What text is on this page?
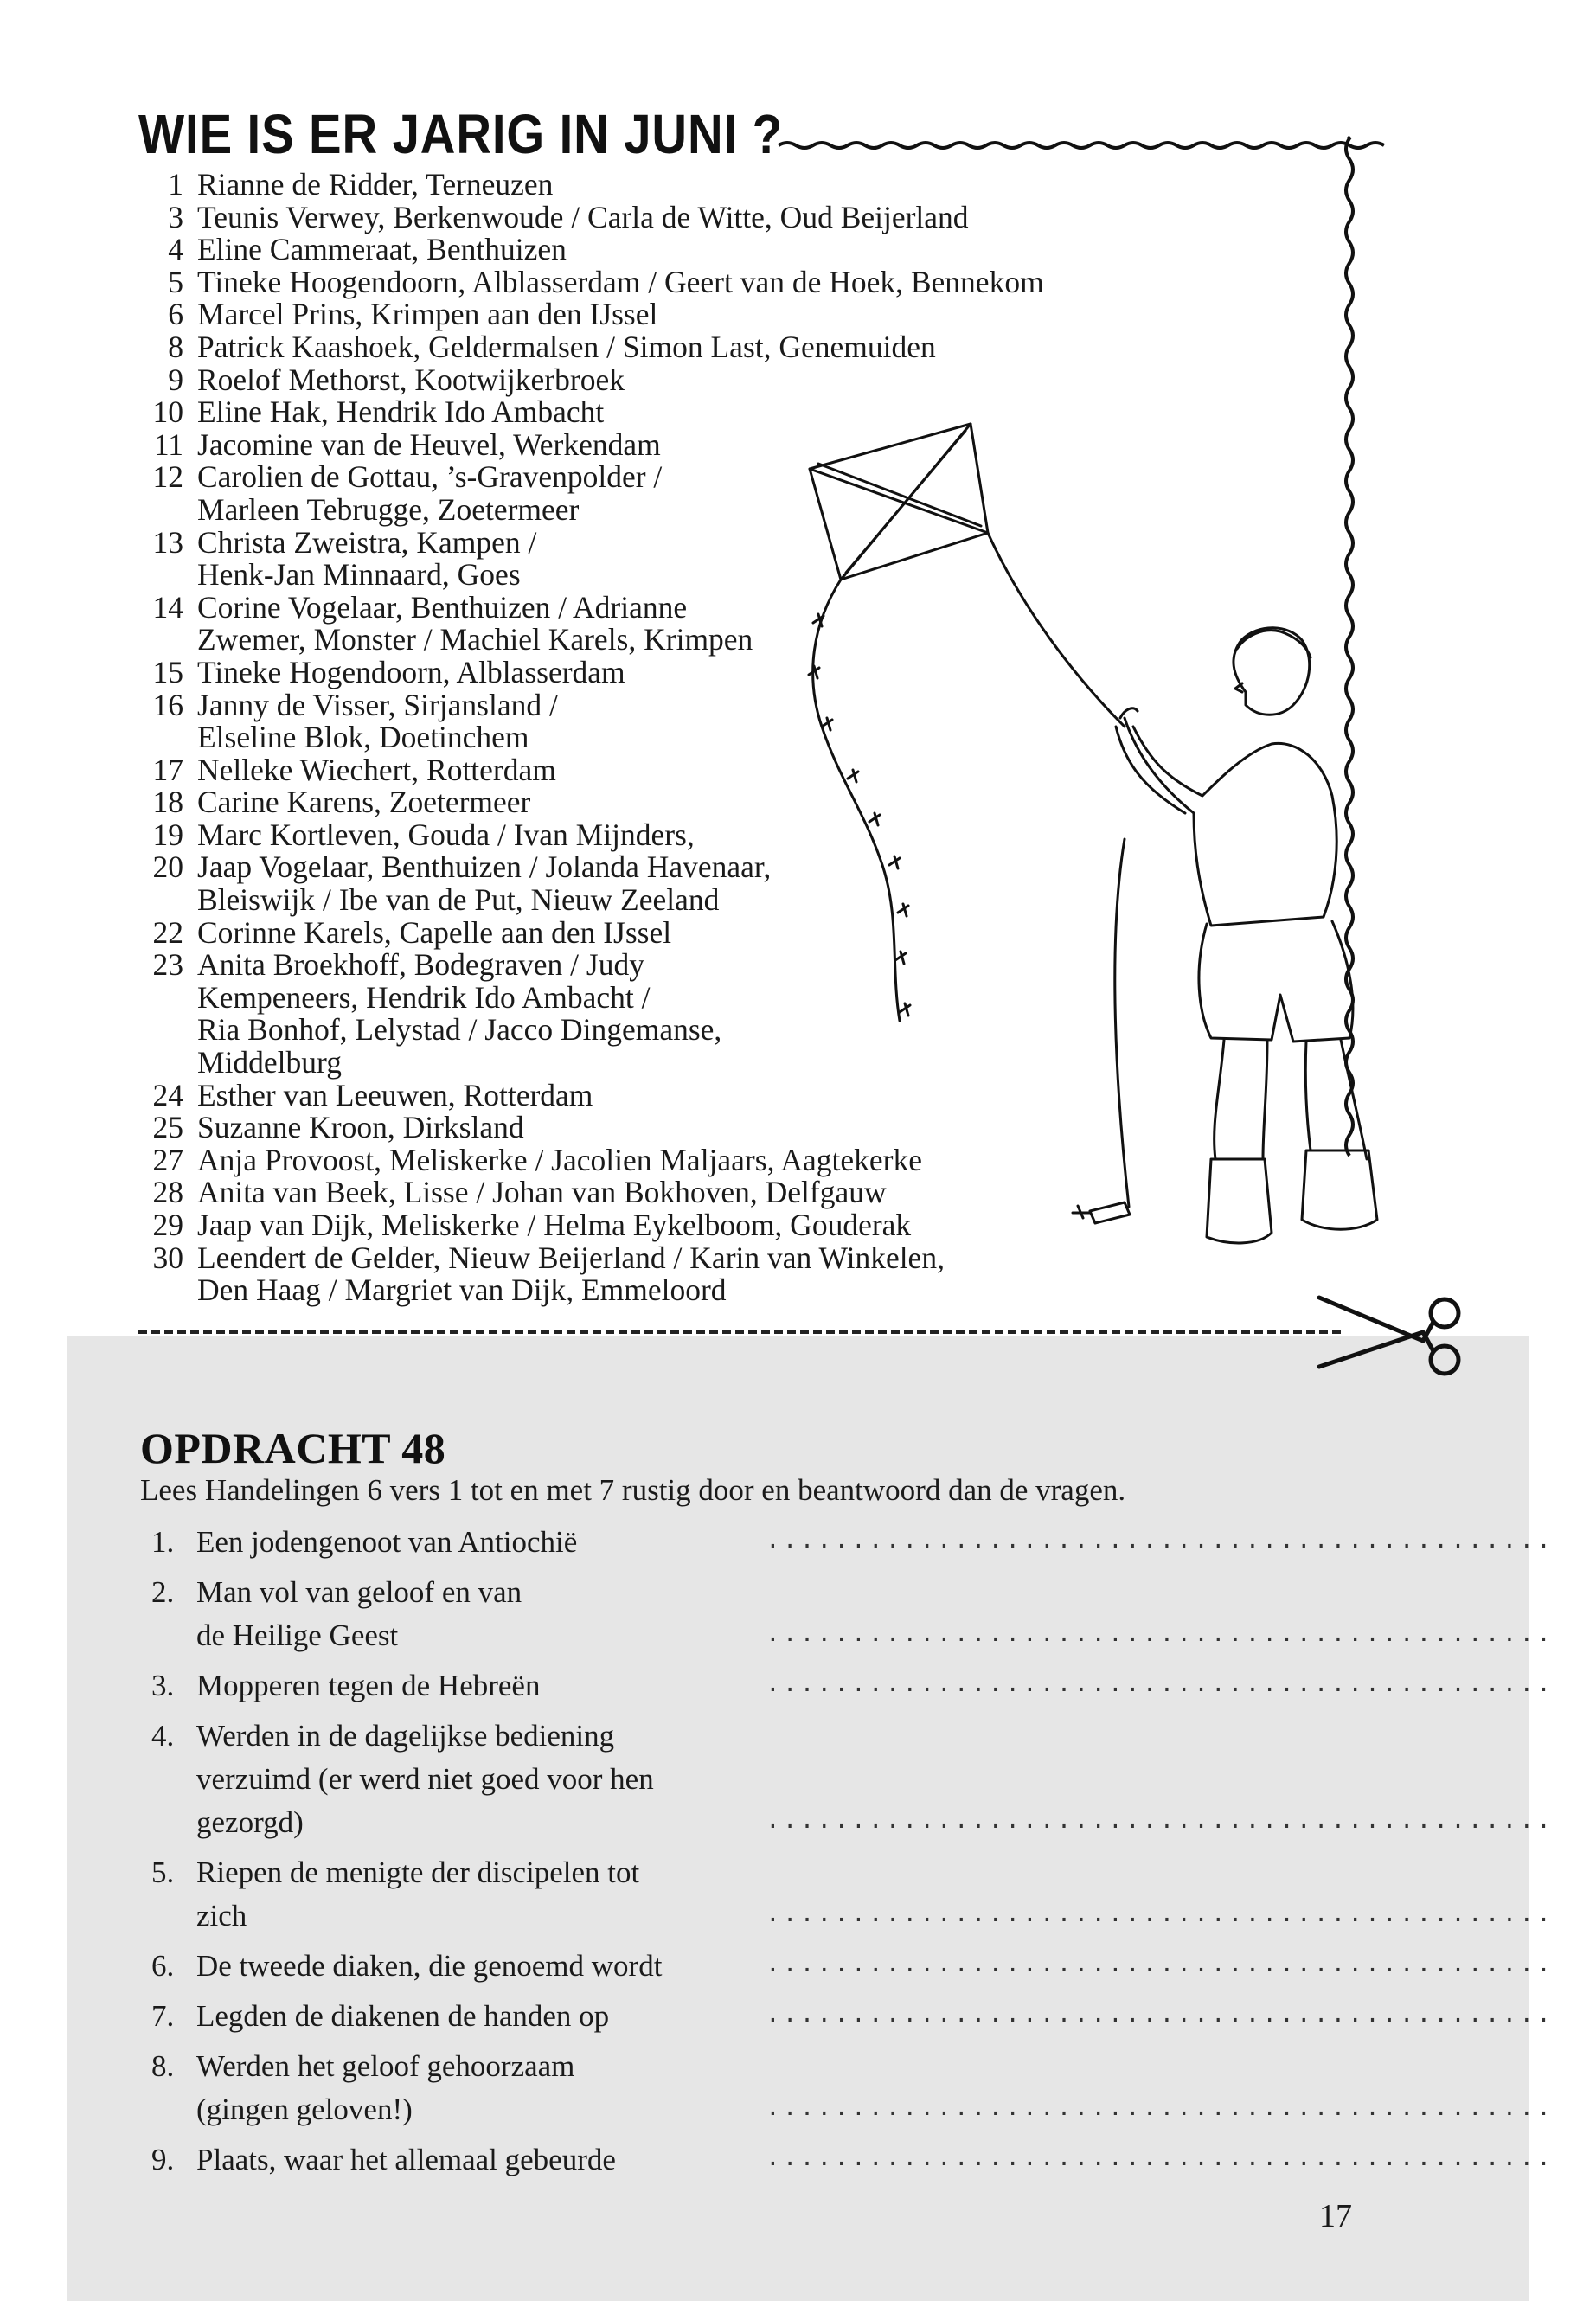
WIE IS ER JARIG IN JUNI ?
1 Rianne de Ridder, Terneuzen
3 Teunis Verwey, Berkenwoude / Carla de Witte, Oud Beijerland
4 Eline Cammeraat, Benthuizen
5 Tineke Hoogendoorn, Alblasserdam / Geert van de Hoek, Bennekom
6 Marcel Prins, Krimpen aan den IJssel
8 Patrick Kaashoek, Geldermalsen / Simon Last, Genemuiden
9 Roelof Methorst, Kootwijkerbroek
10 Eline Hak, Hendrik Ido Ambacht
11 Jacomine van de Heuvel, Werkendam
12 Carolien de Gottau, ’s-Gravenpolder /
Marleen Tebrugge, Zoetermeer
13 Christa Zweistra, Kampen /
Henk-Jan Minnaard, Goes
14 Corine Vogelaar, Benthuizen / Adrianne
Zwemer, Monster / Machiel Karels, Krimpen
15 Tineke Hogendoorn, Alblasserdam
16 Janny de Visser, Sirjansland /
Elseline Blok, Doetinchem
17 Nelleke Wiechert, Rotterdam
18 Carine Karens, Zoetermeer
19 Marc Kortleven, Gouda / Ivan Mijnders,
20 Jaap Vogelaar, Benthuizen / Jolanda Havenaar,
Bleiswijk / Ibe van de Put, Nieuw Zeeland
22 Corinne Karels, Capelle aan den IJssel
23 Anita Broekhoff, Bodegraven / Judy
Kempeneers, Hendrik Ido Ambacht /
Ria Bonhof, Lelystad / Jacco Dingemanse,
Middelburg
24 Esther van Leeuwen, Rotterdam
25 Suzanne Kroon, Dirksland
27 Anja Provoost, Meliskerke / Jacolien Maljaars, Aagtekerke
28 Anita van Beek, Lisse / Johan van Bokhoven, Delfgauw
29 Jaap van Dijk, Meliskerke / Helma Eykelboom, Gouderak
30 Leendert de Gelder, Nieuw Beijerland / Karin van Winkelen,
Den Haag / Margriet van Dijk, Emmeloord
OPDRACHT 48
Lees Handelingen 6 vers 1 tot en met 7 rustig door en beantwoord dan de vragen.
1. Een jodengenoot van Antiochië	..............................................
2. Man vol van geloof en van
de Heilige Geest	..............................................
3. Mopperen tegen de Hebreën	..............................................
4. Werden in de dagelijkse bediening
verzuimd (er werd niet goed voor hen
gezorgd)	..............................................
5. Riepen de menigte der discipelen tot
zich	..............................................
6. De tweede diaken, die genoemd wordt	..............................................
7. Legden de diakenen de handen op	..............................................
8. Werden het geloof gehoorzaam
(gingen geloven!)	..............................................
9. Plaats, waar het allemaal gebeurde	..............................................
17
